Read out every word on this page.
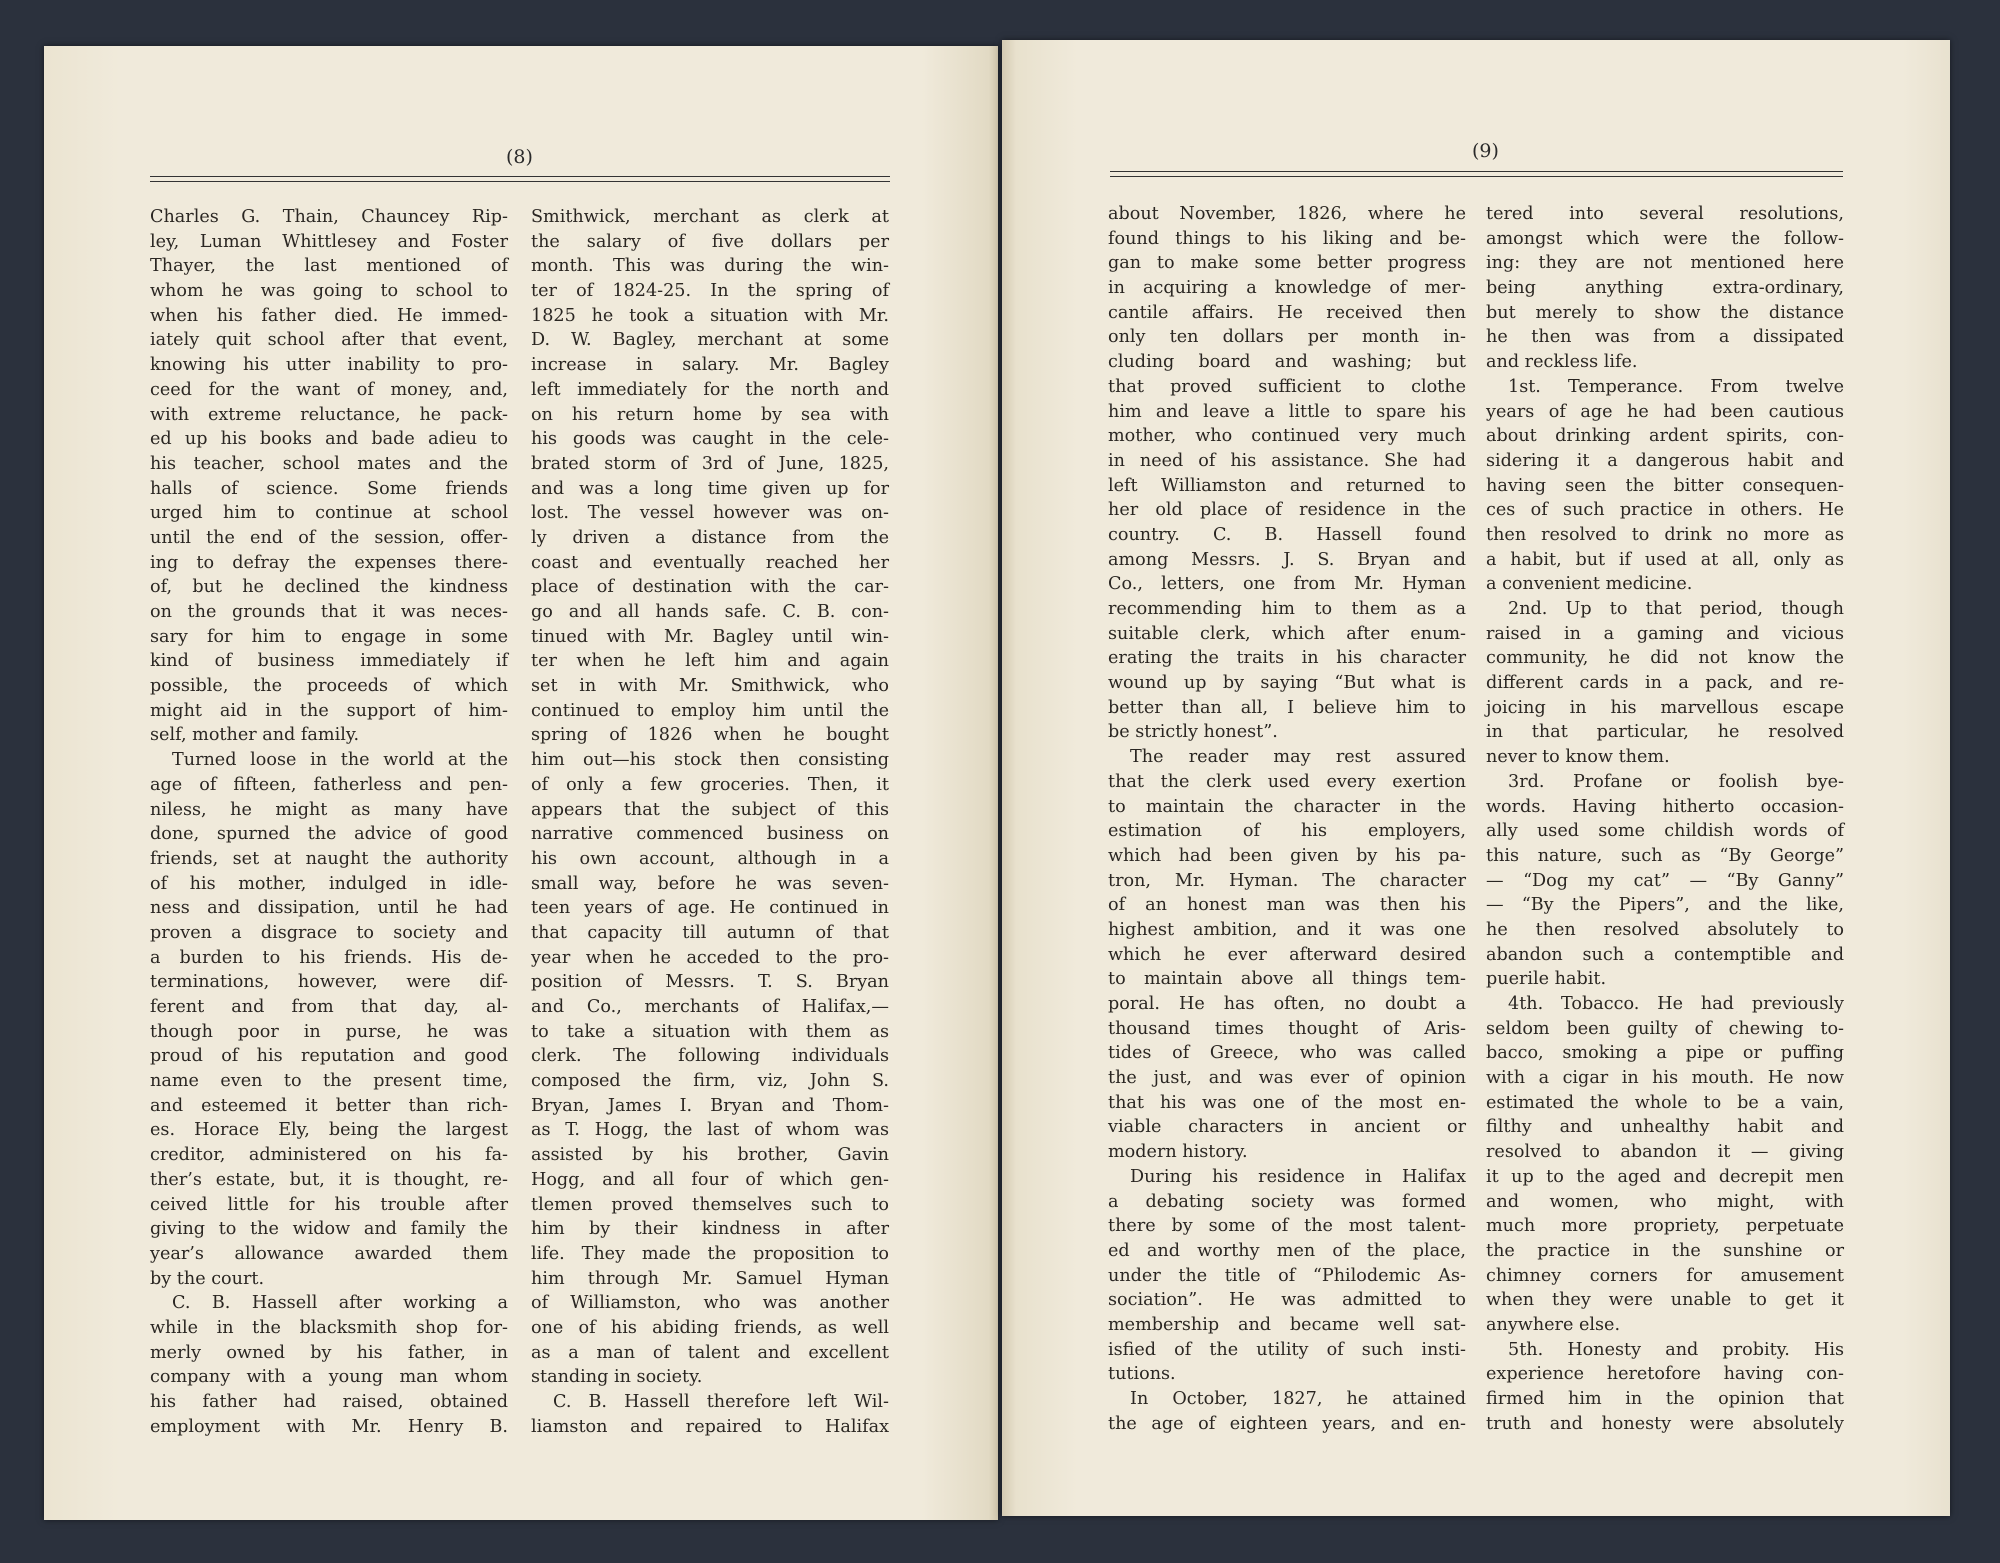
(8)	(9)
Charles G. Thain, Chauncey Rip-
ley, Luman Whittlesey and Foster
Thayer, the last mentioned of
whom he was going to school to
when his father died. He immed-
iately quit school after that event,
knowing his utter inability to pro-
ceed for the want of money, and,
with extreme reluctance, he pack-
ed up his books and bade adieu to
his teacher, school mates and the
halls of science. Some friends
urged him to continue at school
until the end of the session, offer-
ing to defray the expenses there-
of, but he declined the kindness
on the grounds that it was neces-
sary for him to engage in some
kind of business immediately if
possible, the proceeds of which
might aid in the support of him-
self, mother and family.
Turned loose in the world at the
age of fifteen, fatherless and pen-
niless, he might as many have
done, spurned the advice of good
friends, set at naught the authority
of his mother, indulged in idle-
ness and dissipation, until he had
proven a disgrace to society and
a burden to his friends. His de-
terminations, however, were dif-
ferent and from that day, al-
though poor in purse, he was
proud of his reputation and good
name even to the present time,
and esteemed it better than rich-
es. Horace Ely, being the largest
creditor, administered on his fa-
ther’s estate, but, it is thought, re-
ceived little for his trouble after
giving to the widow and family the
year’s allowance awarded them
by the court.
C. B. Hassell after working a
while in the blacksmith shop for-
merly owned by his father, in
company with a young man whom
his father had raised, obtained
employment with Mr. Henry B.
Smithwick, merchant as clerk at
the salary of five dollars per
month. This was during the win-
ter of 1824-25. In the spring of
1825 he took a situation with Mr.
D. W. Bagley, merchant at some
increase in salary. Mr. Bagley
left immediately for the north and
on his return home by sea with
his goods was caught in the cele-
brated storm of 3rd of June, 1825,
and was a long time given up for
lost. The vessel however was on-
ly driven a distance from the
coast and eventually reached her
place of destination with the car-
go and all hands safe. C. B. con-
tinued with Mr. Bagley until win-
ter when he left him and again
set in with Mr. Smithwick, who
continued to employ him until the
spring of 1826 when he bought
him out—his stock then consisting
of only a few groceries. Then, it
appears that the subject of this
narrative commenced business on
his own account, although in a
small way, before he was seven-
teen years of age. He continued in
that capacity till autumn of that
year when he acceded to the pro-
position of Messrs. T. S. Bryan
and Co., merchants of Halifax,—
to take a situation with them as
clerk. The following individuals
composed the firm, viz, John S.
Bryan, James I. Bryan and Thom-
as T. Hogg, the last of whom was
assisted by his brother, Gavin
Hogg, and all four of which gen-
tlemen proved themselves such to
him by their kindness in after
life. They made the proposition to
him through Mr. Samuel Hyman
of Williamston, who was another
one of his abiding friends, as well
as a man of talent and excellent
standing in society.
C. B. Hassell therefore left Wil-
liamston and repaired to Halifax
about November, 1826, where he
found things to his liking and be-
gan to make some better progress
in acquiring a knowledge of mer-
cantile affairs. He received then
only ten dollars per month in-
cluding board and washing; but
that proved sufficient to clothe
him and leave a little to spare his
mother, who continued very much
in need of his assistance. She had
left Williamston and returned to
her old place of residence in the
country. C. B. Hassell found
among Messrs. J. S. Bryan and
Co., letters, one from Mr. Hyman
recommending him to them as a
suitable clerk, which after enum-
erating the traits in his character
wound up by saying “But what is
better than all, I believe him to
be strictly honest”.
The reader may rest assured
that the clerk used every exertion
to maintain the character in the
estimation of his employers,
which had been given by his pa-
tron, Mr. Hyman. The character
of an honest man was then his
highest ambition, and it was one
which he ever afterward desired
to maintain above all things tem-
poral. He has often, no doubt a
thousand times thought of Aris-
tides of Greece, who was called
the just, and was ever of opinion
that his was one of the most en-
viable characters in ancient or
modern history.
During his residence in Halifax
a debating society was formed
there by some of the most talent-
ed and worthy men of the place,
under the title of “Philodemic As-
sociation”. He was admitted to
membership and became well sat-
isfied of the utility of such insti-
tutions.
In October, 1827, he attained
the age of eighteen years, and en-
tered into several resolutions,
amongst which were the follow-
ing: they are not mentioned here
being anything extra-ordinary,
but merely to show the distance
he then was from a dissipated
and reckless life.
1st. Temperance. From twelve
years of age he had been cautious
about drinking ardent spirits, con-
sidering it a dangerous habit and
having seen the bitter consequen-
ces of such practice in others. He
then resolved to drink no more as
a habit, but if used at all, only as
a convenient medicine.
2nd. Up to that period, though
raised in a gaming and vicious
community, he did not know the
different cards in a pack, and re-
joicing in his marvellous escape
in that particular, he resolved
never to know them.
3rd. Profane or foolish bye-
words. Having hitherto occasion-
ally used some childish words of
this nature, such as “By George”
— “Dog my cat” — “By Ganny”
— “By the Pipers”, and the like,
he then resolved absolutely to
abandon such a contemptible and
puerile habit.
4th. Tobacco. He had previously
seldom been guilty of chewing to-
bacco, smoking a pipe or puffing
with a cigar in his mouth. He now
estimated the whole to be a vain,
filthy and unhealthy habit and
resolved to abandon it — giving
it up to the aged and decrepit men
and women, who might, with
much more propriety, perpetuate
the practice in the sunshine or
chimney corners for amusement
when they were unable to get it
anywhere else.
5th. Honesty and probity. His
experience heretofore having con-
firmed him in the opinion that
truth and honesty were absolutely
